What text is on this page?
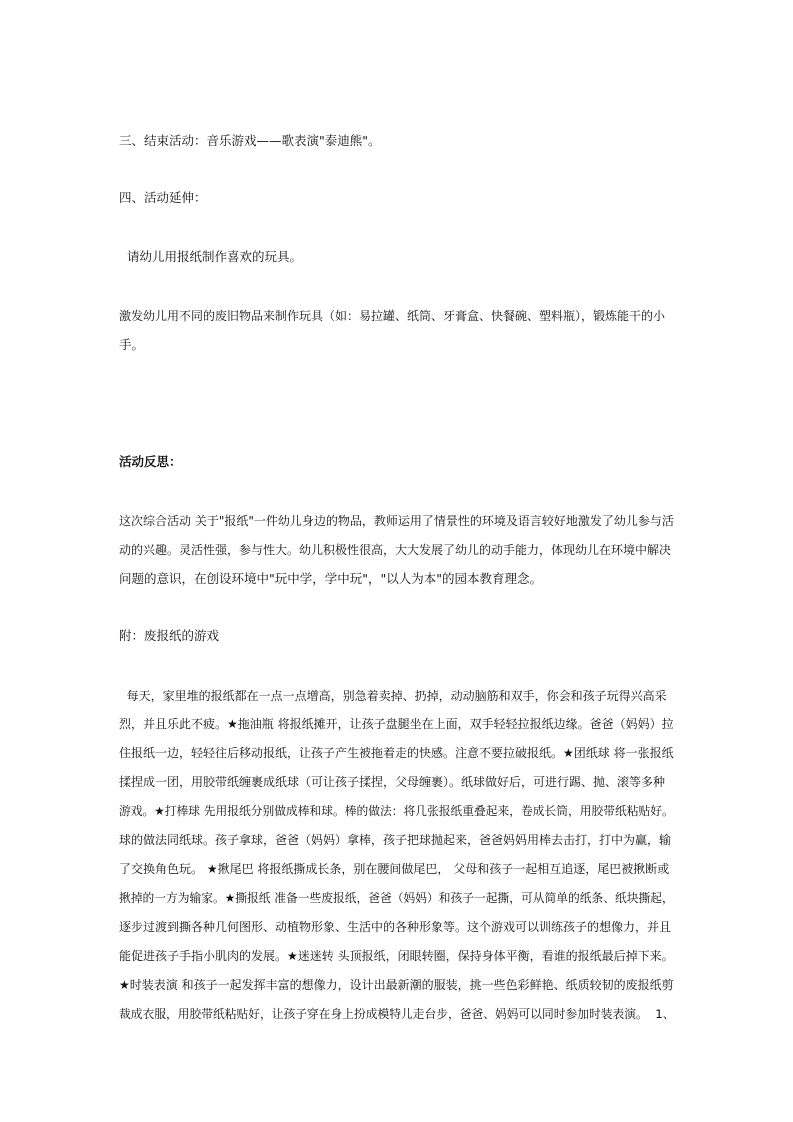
三、结束活动：音乐游戏——歌表演"泰迪熊"。
四、活动延伸：
请幼儿用报纸制作喜欢的玩具。
激发幼儿用不同的废旧物品来制作玩具（如：易拉罐、纸筒、牙膏盒、快餐碗、塑料瓶），锻炼能干的小
手。
活动反思：
这次综合活动 关于"报纸"一件幼儿身边的物品，教师运用了情景性的环境及语言较好地激发了幼儿参与活
动的兴趣。灵活性强，参与性大。幼儿积极性很高，大大发展了幼儿的动手能力，体现幼儿在环境中解决
问题的意识，在创设环境中"玩中学，学中玩"，"以人为本"的园本教育理念。
附：废报纸的游戏
每天，家里堆的报纸都在一点一点增高，别急着卖掉、扔掉，动动脑筋和双手，你会和孩子玩得兴高采
烈，并且乐此不疲。★拖油瓶 将报纸摊开，让孩子盘腿坐在上面，双手轻轻拉报纸边缘。爸爸（妈妈）拉
住报纸一边，轻轻往后移动报纸，让孩子产生被拖着走的快感。注意不要拉破报纸。★团纸球 将一张报纸
揉捏成一团，用胶带纸缠裹成纸球（可让孩子揉捏，父母缠裹）。纸球做好后，可进行踢、抛、滚等多种
游戏。★打棒球 先用报纸分别做成棒和球。棒的做法：将几张报纸重叠起来，卷成长筒，用胶带纸粘贴好。
球的做法同纸球。孩子拿球，爸爸（妈妈）拿棒，孩子把球抛起来，爸爸妈妈用棒去击打，打中为赢，输
了交换角色玩。 ★揪尾巴 将报纸撕成长条，别在腰间做尾巴， 父母和孩子一起相互追逐，尾巴被揪断或
揪掉的一方为输家。★撕报纸 准备一些废报纸，爸爸（妈妈）和孩子一起撕，可从简单的纸条、纸块撕起，
逐步过渡到撕各种几何图形、动植物形象、生活中的各种形象等。这个游戏可以训练孩子的想像力，并且
能促进孩子手指小肌肉的发展。★迷迷转 头顶报纸，闭眼转圈，保持身体平衡，看谁的报纸最后掉下来。
★时装表演 和孩子一起发挥丰富的想像力，设计出最新潮的服装，挑一些色彩鲜艳、纸质较韧的废报纸剪
裁成衣服，用胶带纸粘贴好，让孩子穿在身上扮成模特儿走台步，爸爸、妈妈可以同时参加时装表演。  1、
